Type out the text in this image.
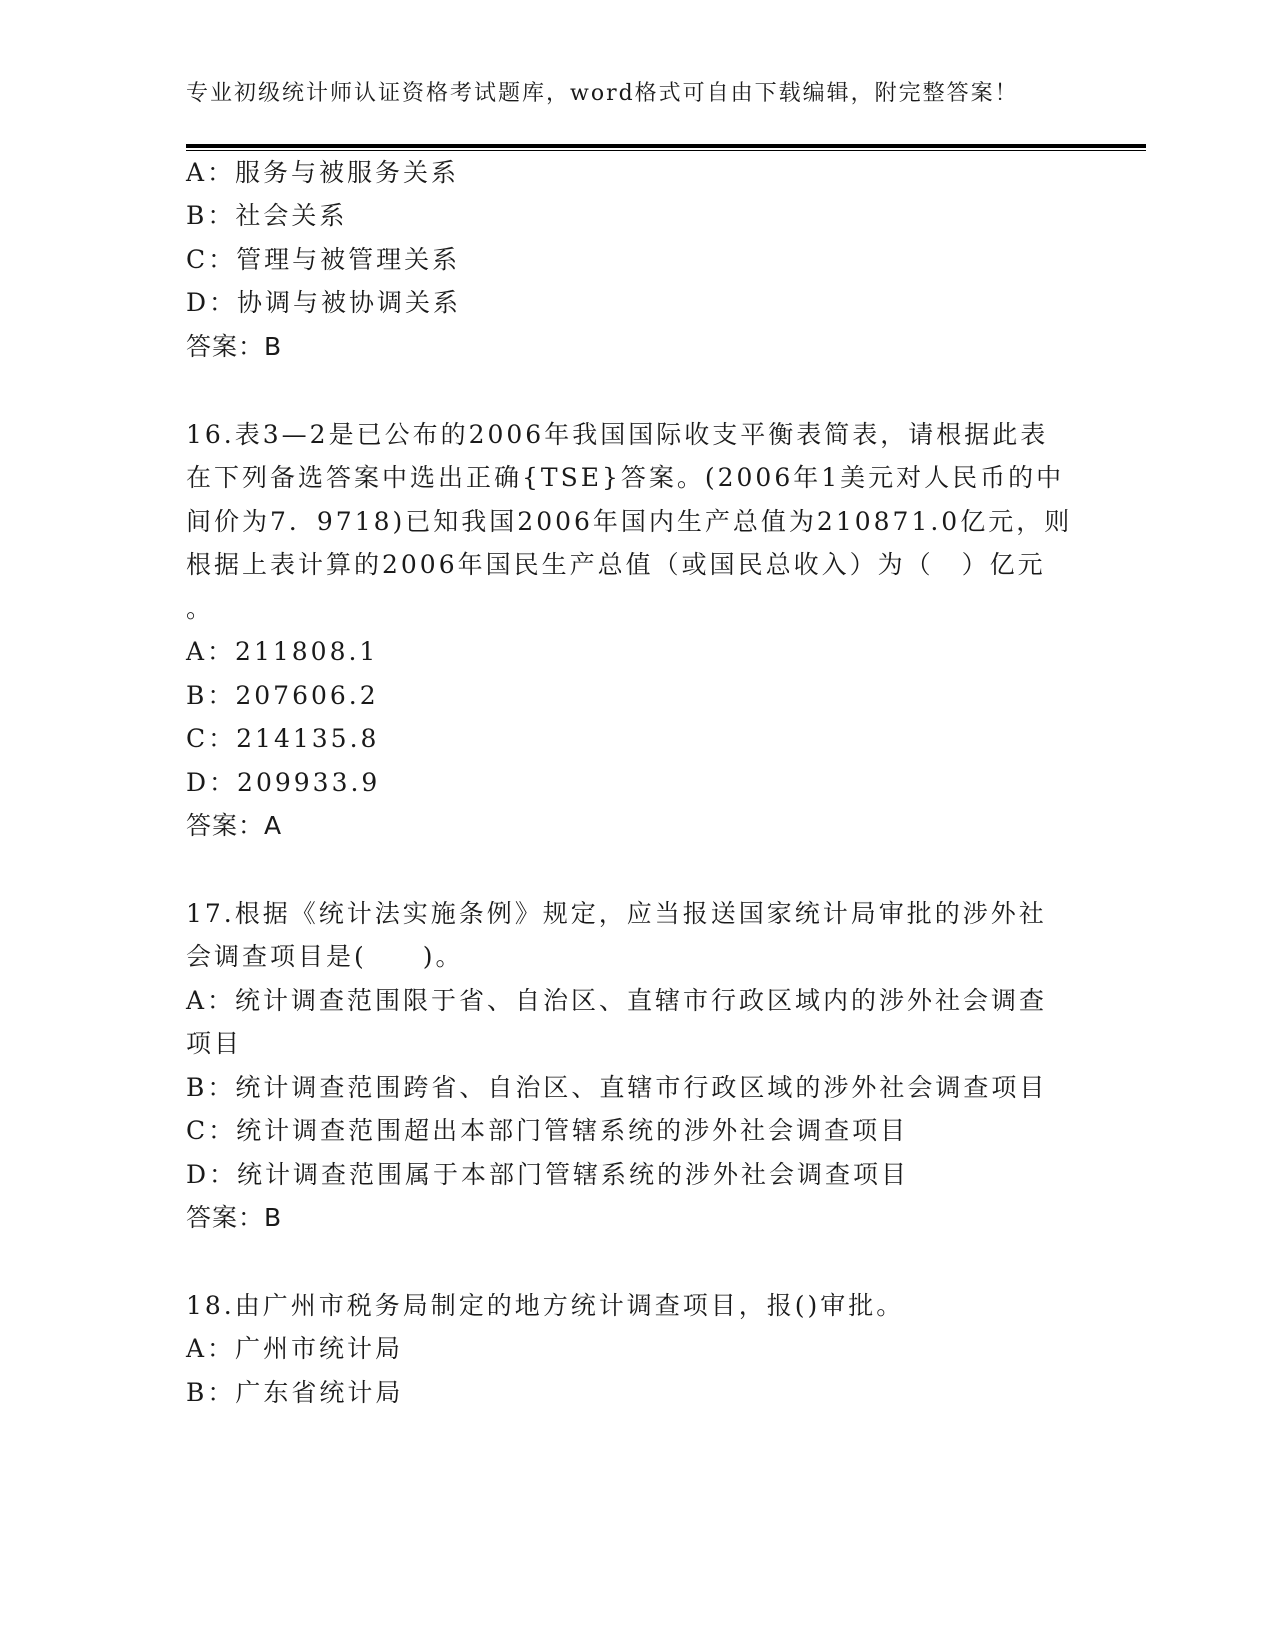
专业初级统计师认证资格考试题库，word格式可自由下载编辑，附完整答案！
A：服务与被服务关系
B：社会关系
C：管理与被管理关系
D：协调与被协调关系
答案：B
16.表3—2是已公布的2006年我国国际收支平衡表简表，请根据此表
在下列备选答案中选出正确{TSE}答案。(2006年1美元对人民币的中
间价为7．9718)已知我国2006年国内生产总值为210871.0亿元，则
根据上表计算的2006年国民生产总值（或国民总收入）为（　）亿元
。
A：211808.1
B：207606.2
C：214135.8
D：209933.9
答案：A
17.根据《统计法实施条例》规定，应当报送国家统计局审批的涉外社
会调查项目是(　　)。
A：统计调查范围限于省、自治区、直辖市行政区域内的涉外社会调查
项目
B：统计调查范围跨省、自治区、直辖市行政区域的涉外社会调查项目
C：统计调查范围超出本部门管辖系统的涉外社会调查项目
D：统计调查范围属于本部门管辖系统的涉外社会调查项目
答案：B
18.由广州市税务局制定的地方统计调查项目，报()审批。
A：广州市统计局
B：广东省统计局
